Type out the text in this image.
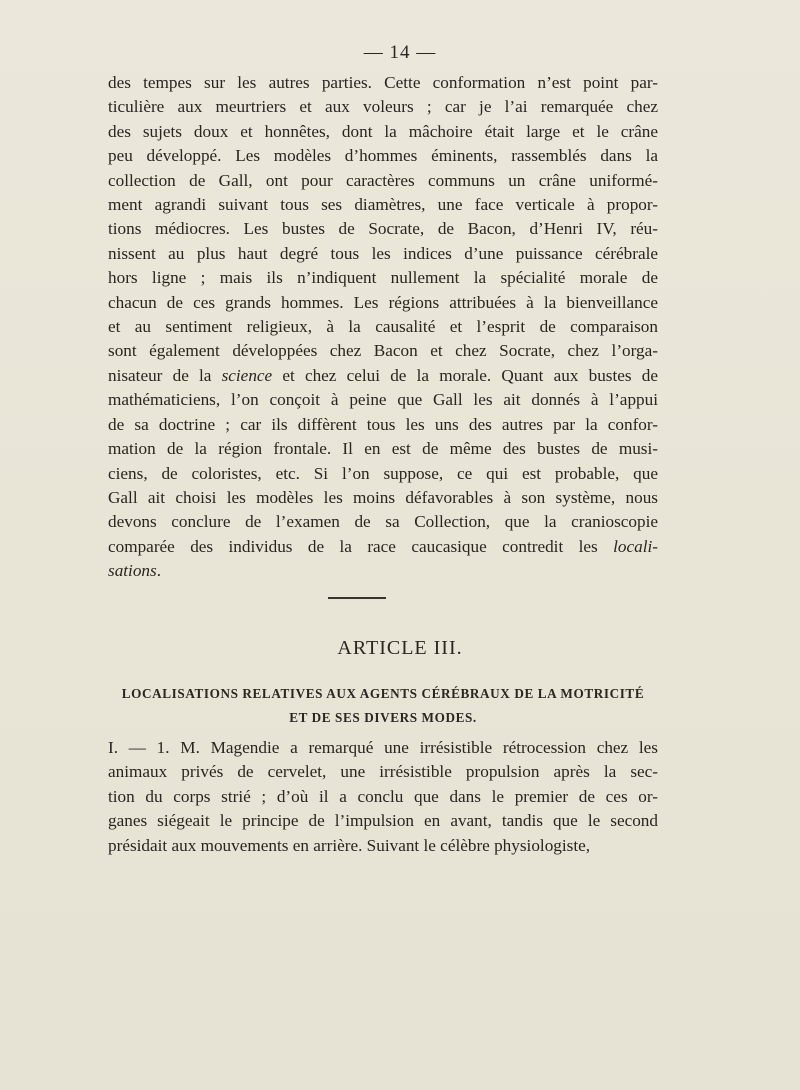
— 14 —
des tempes sur les autres parties. Cette conformation n’est point par-
ticulière aux meurtriers et aux voleurs ; car je l’ai remarquée chez
des sujets doux et honnêtes, dont la mâchoire était large et le crâne
peu développé. Les modèles d’hommes éminents, rassemblés dans la
collection de Gall, ont pour caractères communs un crâne uniformé-
ment agrandi suivant tous ses diamètres, une face verticale à propor-
tions médiocres. Les bustes de Socrate, de Bacon, d’Henri IV, réu-
nissent au plus haut degré tous les indices d’une puissance cérébrale
hors ligne ; mais ils n’indiquent nullement la spécialité morale de
chacun de ces grands hommes. Les régions attribuées à la bienveillance
et au sentiment religieux, à la causalité et l’esprit de comparaison
sont également développées chez Bacon et chez Socrate, chez l’orga-
nisateur de la science et chez celui de la morale. Quant aux bustes de
mathématiciens, l’on conçoit à peine que Gall les ait donnés à l’appui
de sa doctrine ; car ils diffèrent tous les uns des autres par la confor-
mation de la région frontale. Il en est de même des bustes de musi-
ciens, de coloristes, etc. Si l’on suppose, ce qui est probable, que
Gall ait choisi les modèles les moins défavorables à son système, nous
devons conclure de l’examen de sa Collection, que la cranioscopie
comparée des individus de la race caucasique contredit les locali-
sations.
ARTICLE III.
LOCALISATIONS RELATIVES AUX AGENTS CÉRÉBRAUX DE LA MOTRICITÉ
ET DE SES DIVERS MODES.
I. — 1. M. Magendie a remarqué une irrésistible rétrocession chez les
animaux privés de cervelet, une irrésistible propulsion après la sec-
tion du corps strié ; d’où il a conclu que dans le premier de ces or-
ganes siégeait le principe de l’impulsion en avant, tandis que le second
présidait aux mouvements en arrière. Suivant le célèbre physiologiste,
